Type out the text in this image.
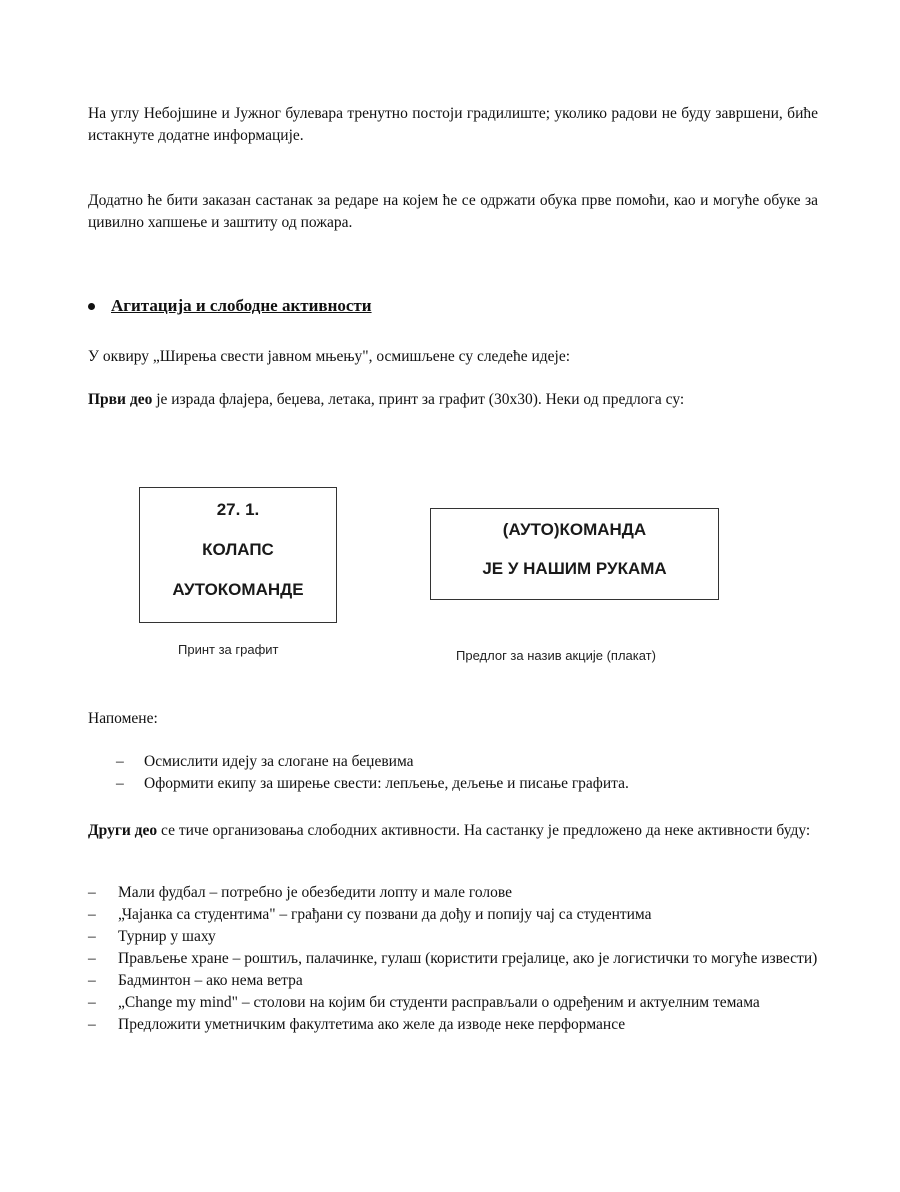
На углу Небојшине и Јужног булевара тренутно постоји градилиште; уколико радови не буду завршени, биће истакнуте додатне информације.
Додатно ће бити заказан састанак за редаре на којем ће се одржати обука прве помоћи, као и могуће обуке за цивилно хапшење и заштиту од пожара.
Агитација и слободне активности
У оквиру „Ширења свести јавном мњењу", осмишљене су следеће идеје:
Први део је израда флајера, беџева, летака, принт за графит (30x30). Неки од предлога су:
27. 1.
КОЛАПС
АУТОКОМАНДЕ
Принт за графит
(АУТО)КОМАНДА
ЈЕ У НАШИМ РУКАМА
Предлог за назив акције (плакат)
Напомене:
– Осмислити идеју за слогане на беџевима
– Оформити екипу за ширење свести: лепљење, дељење и писање графита.
Други део се тиче организовања слободних активности. На састанку је предложено да неке активности буду:
– Мали фудбал – потребно је обезбедити лопту и мале голове
– „Чајанка са студентима" – грађани су позвани да дођу и попију чај са студентима
– Турнир у шаху
– Прављење хране – роштиљ, палачинке, гулаш (користити грејалице, ако је логистички то могуће извести)
– Бадминтон – ако нема ветра
– „Change my mind" – столови на којим би студенти расправљали о одређеним и актуелним темама
– Предложити уметничким факултетима ако желе да изводе неке перформансе
